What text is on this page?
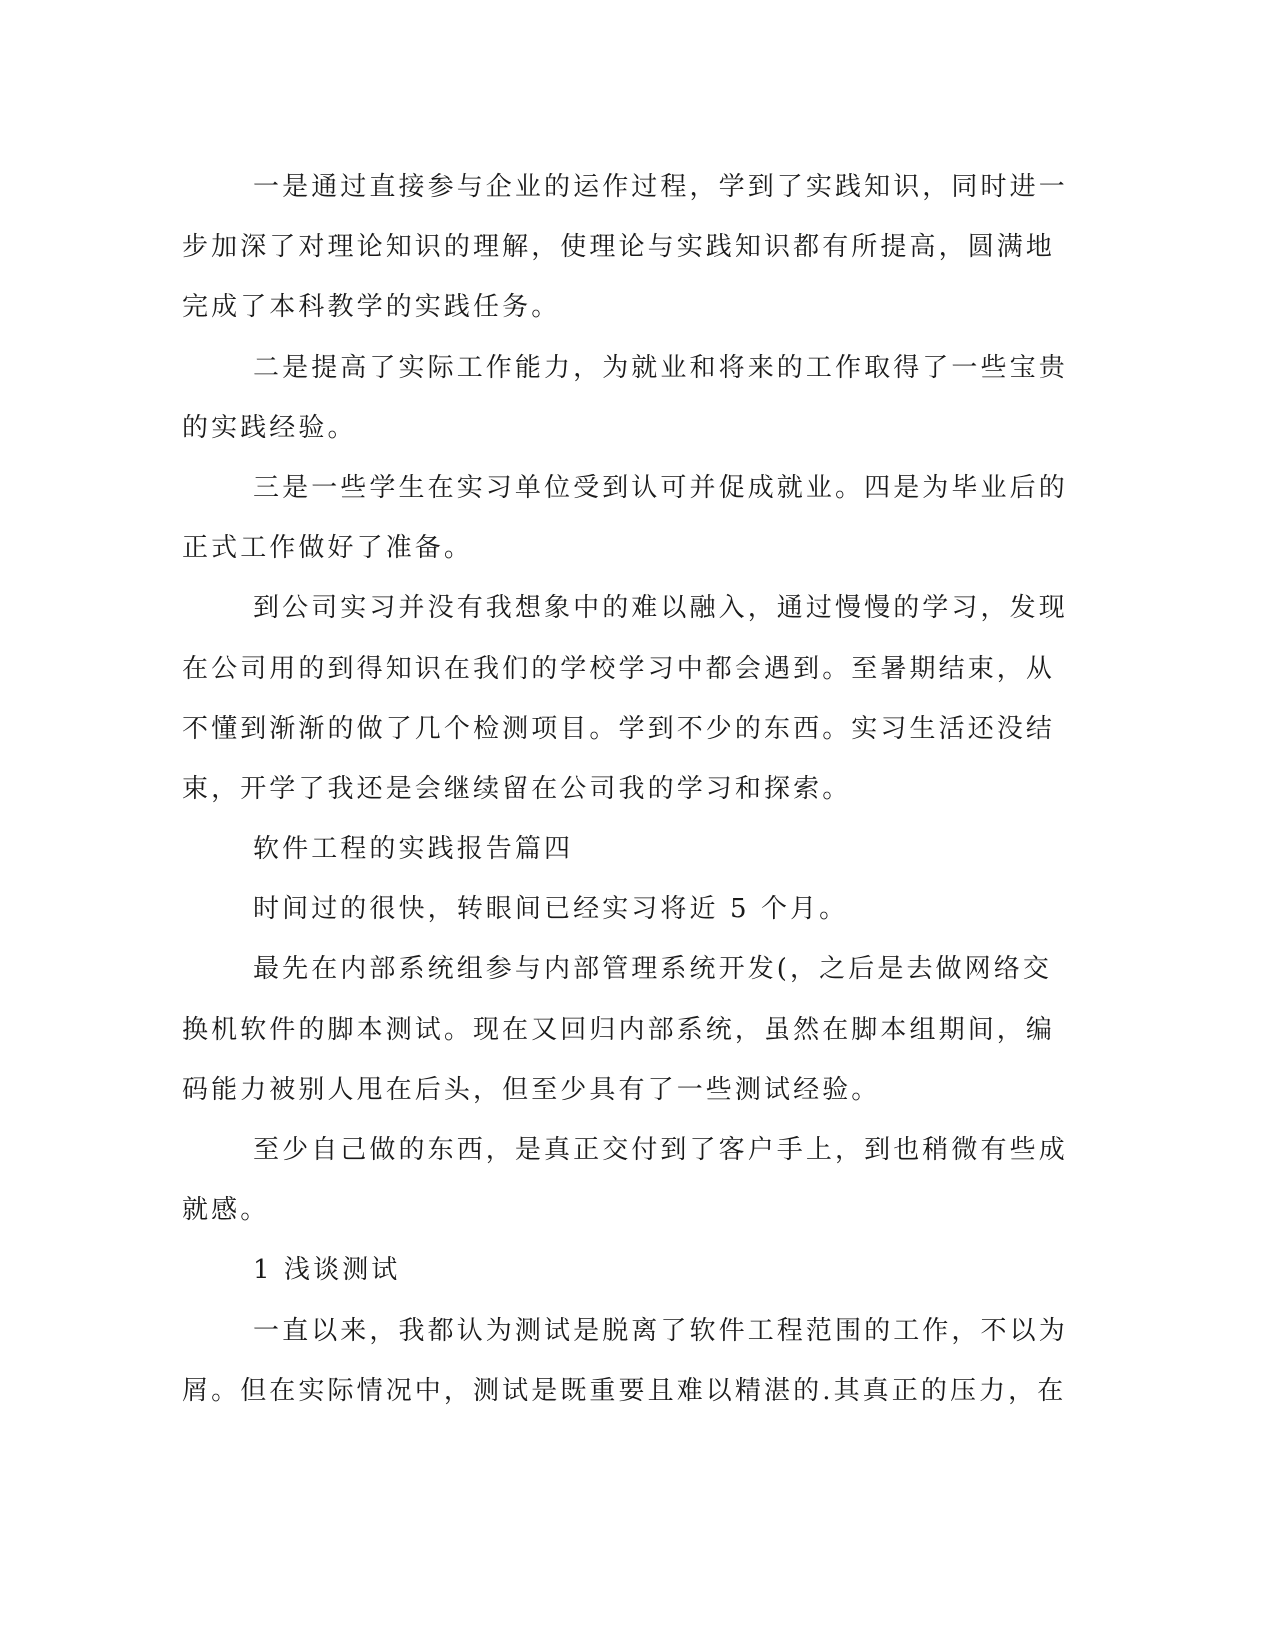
一是通过直接参与企业的运作过程，学到了实践知识，同时进一
步加深了对理论知识的理解，使理论与实践知识都有所提高，圆满地
完成了本科教学的实践任务。
二是提高了实际工作能力，为就业和将来的工作取得了一些宝贵
的实践经验。
三是一些学生在实习单位受到认可并促成就业。四是为毕业后的
正式工作做好了准备。
到公司实习并没有我想象中的难以融入，通过慢慢的学习，发现
在公司用的到得知识在我们的学校学习中都会遇到。至暑期结束，从
不懂到渐渐的做了几个检测项目。学到不少的东西。实习生活还没结
束，开学了我还是会继续留在公司我的学习和探索。
软件工程的实践报告篇四
时间过的很快，转眼间已经实习将近 5 个月。
最先在内部系统组参与内部管理系统开发(，之后是去做网络交
换机软件的脚本测试。现在又回归内部系统，虽然在脚本组期间，编
码能力被别人甩在后头，但至少具有了一些测试经验。
至少自己做的东西，是真正交付到了客户手上，到也稍微有些成
就感。
1 浅谈测试
一直以来，我都认为测试是脱离了软件工程范围的工作，不以为
屑。但在实际情况中，测试是既重要且难以精湛的.其真正的压力，在
